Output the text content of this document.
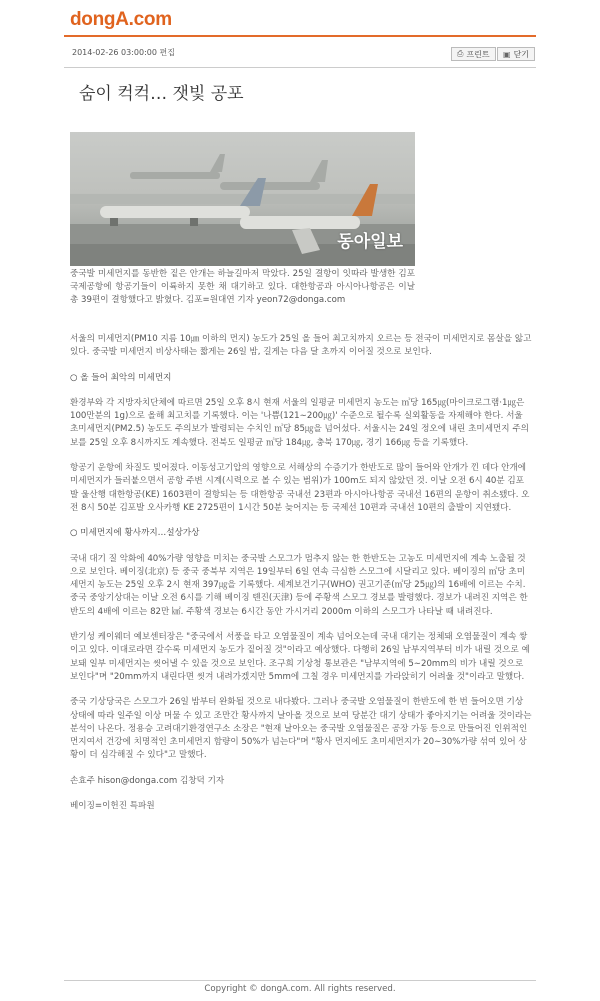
dongA.com
2014-02-26 03:00:00 편집	⎙ 프린트 ▣ 닫기
숨이 컥컥… 잿빛 공포
동아일보

중국발 미세먼지를 동반한 짙은 안개는 하늘길마저 막았다. 25일 결항이 잇따라 발생한 김포국제공항에 항공기들이 이륙하지 못한 채 대기하고 있다. 대한항공과 아시아나항공은 이날 총 39편이 결항했다고 밝혔다. 김포=원대연 기자 yeon72@donga.com

서울의 미세먼지(PM10 지름 10㎛ 이하의 먼지) 농도가 25일 올 들어 최고치까지 오르는 등 전국이 미세먼지로 몸살을 앓고 있다. 중국발 미세먼지 비상사태는 짧게는 26일 밤, 길게는 다음 달 초까지 이어질 것으로 보인다.

○ 올 들어 최악의 미세먼지

환경부와 각 지방자치단체에 따르면 25일 오후 8시 현재 서울의 일평균 미세먼지 농도는 ㎥당 165㎍(마이크로그램·1㎍은 100만분의 1g)으로 올해 최고치를 기록했다. 이는 '나쁨(121∼200㎍)' 수준으로 될수록 실외활동을 자제해야 한다. 서울 초미세먼지(PM2.5) 농도도 주의보가 발령되는 수치인 ㎥당 85㎍을 넘어섰다. 서울시는 24일 정오에 내린 초미세먼지 주의보를 25일 오후 8시까지도 계속했다. 전북도 일평균 ㎥당 184㎍, 충북 170㎍, 경기 166㎍ 등을 기록했다.

항공기 운항에 차질도 빚어졌다. 이동성고기압의 영향으로 서해상의 수증기가 한반도로 많이 들어와 안개가 낀 데다 안개에 미세먼지가 들러붙으면서 공항 주변 시계(시력으로 볼 수 있는 범위)가 100m도 되지 않았던 것. 이날 오전 6시 40분 김포발 울산행 대한항공(KE) 1603편이 결항되는 등 대한항공 국내선 23편과 아시아나항공 국내선 16편의 운항이 취소됐다. 오전 8시 50분 김포발 오사카행 KE 2725편이 1시간 50분 늦어지는 등 국제선 10편과 국내선 10편의 출발이 지연됐다.

○ 미세먼지에 황사까지…설상가상

국내 대기 질 악화에 40%가량 영향을 미치는 중국발 스모그가 멈추지 않는 한 한반도는 고농도 미세먼지에 계속 노출될 것으로 보인다. 베이징(北京) 등 중국 중북부 지역은 19일부터 6일 연속 극심한 스모그에 시달리고 있다. 베이징의 ㎥당 초미세먼지 농도는 25일 오후 2시 현재 397㎍을 기록했다. 세계보건기구(WHO) 권고기준(㎥당 25㎍)의 16배에 이르는 수치. 중국 중앙기상대는 이날 오전 6시를 기해 베이징 톈진(天津) 등에 주황색 스모그 경보를 발령했다. 경보가 내려진 지역은 한반도의 4배에 이르는 82만 ㎢. 주황색 경보는 6시간 동안 가시거리 2000m 이하의 스모그가 나타날 때 내려진다.

반기성 케이웨더 예보센터장은 "중국에서 서풍을 타고 오염물질이 계속 넘어오는데 국내 대기는 정체돼 오염물질이 계속 쌓이고 있다. 이대로라면 갈수록 미세먼지 농도가 짙어질 것"이라고 예상했다. 다행히 26일 남부지역부터 비가 내릴 것으로 예보돼 일부 미세먼지는 씻어낼 수 있을 것으로 보인다. 조구희 기상청 통보관은 "남부지역에 5∼20mm의 비가 내릴 것으로 보인다"며 "20mm까지 내린다면 씻겨 내려가겠지만 5mm에 그칠 경우 미세먼지를 가라앉히기 어려울 것"이라고 말했다.

중국 기상당국은 스모그가 26일 밤부터 완화될 것으로 내다봤다. 그러나 중국발 오염물질이 한반도에 한 번 들어오면 기상 상태에 따라 일주일 이상 머물 수 있고 조만간 황사까지 날아올 것으로 보여 당분간 대기 상태가 좋아지기는 어려울 것이라는 분석이 나온다. 정용승 고려대기환경연구소 소장은 "현재 날아오는 중국발 오염물질은 공장 가동 등으로 만들어진 인위적인 먼지여서 건강에 치명적인 초미세먼지 함량이 50%가 넘는다"며 "황사 먼지에도 초미세먼지가 20∼30%가량 섞여 있어 상황이 더 심각해질 수 있다"고 말했다.

손효주 hison@donga.com 김창덕 기자

베이징=이헌진 특파원

Copyright © dongA.com. All rights reserved.
